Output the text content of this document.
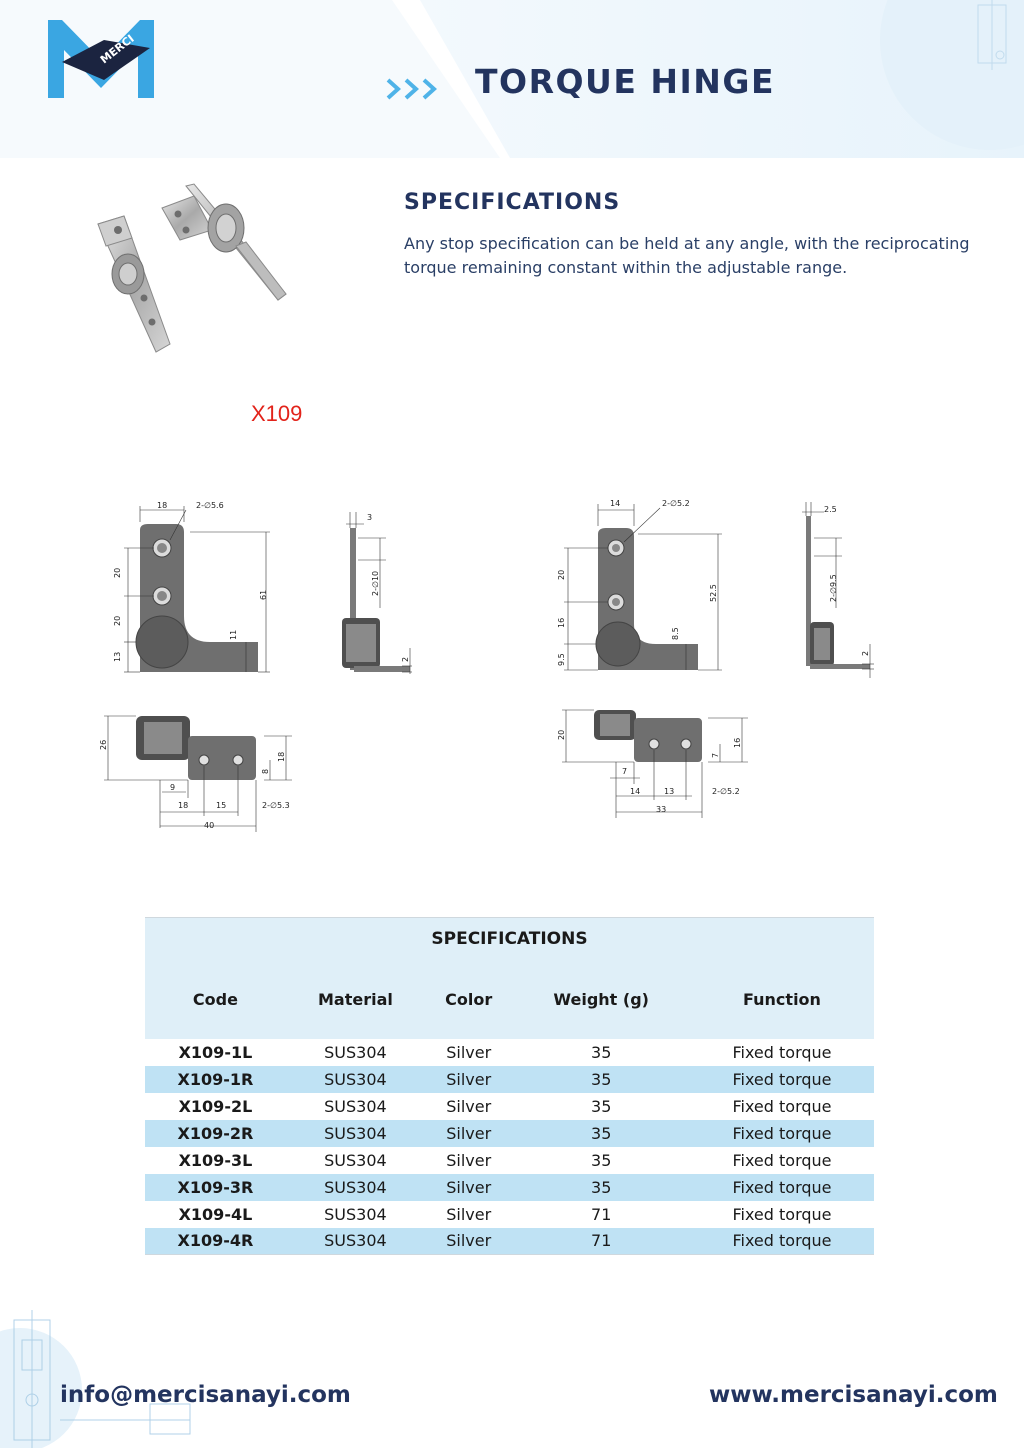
MERCI
TORQUE HINGE
X109
SPECIFICATIONS
Any stop specification can be held at any angle, with the reciprocating torque remaining constant within the adjustable range.
18	2-∅5.6
20
20
13
61
11
3
2-∅10
2
26
9
18	15	2-∅5.3
40
8
18
14	2-∅5.2
20
16
9.5
52.5
8.5
2.5
2-∅9.5
2
20
7
14	13	2-∅5.2
33
7
16
SPECIFICATIONS				
Code	Material	Color	Weight (g)	Function
X109-1L	SUS304	Silver	35	Fixed torque
X109-1R	SUS304	Silver	35	Fixed torque
X109-2L	SUS304	Silver	35	Fixed torque
X109-2R	SUS304	Silver	35	Fixed torque
X109-3L	SUS304	Silver	35	Fixed torque
X109-3R	SUS304	Silver	35	Fixed torque
X109-4L	SUS304	Silver	71	Fixed torque
X109-4R	SUS304	Silver	71	Fixed torque
info@mercisanayi.com	www.mercisanayi.com
